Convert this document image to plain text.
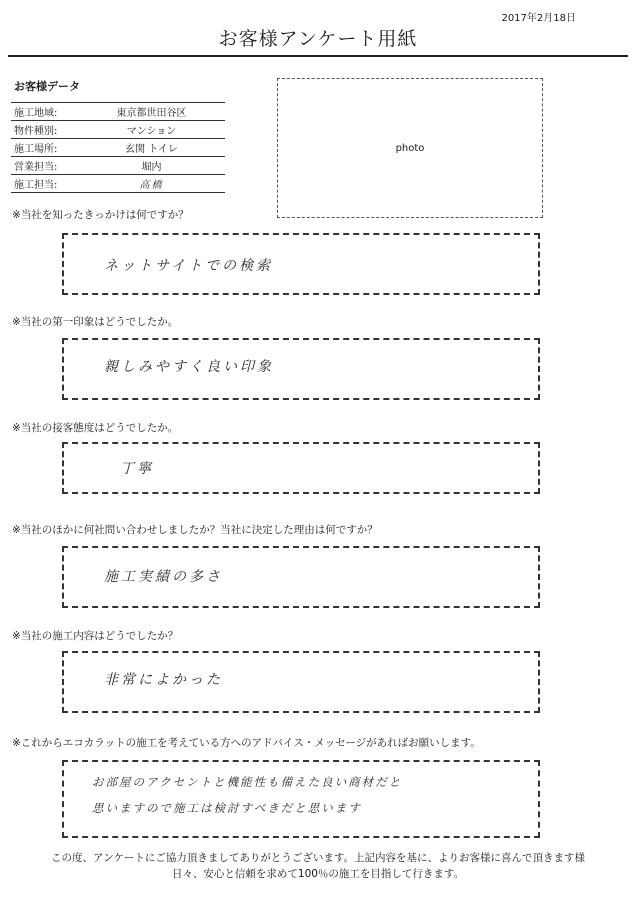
2017年2月18日
お客様アンケート用紙
お客様データ
施工地域:	東京都世田谷区
物件種別:	マンション
施工場所:	玄関 トイレ
営業担当:	堀内
施工担当:	高橋
photo
※当社を知ったきっかけは何ですか？
ネットサイトでの検索
※当社の第一印象はどうでしたか。
親しみやすく良い印象
※当社の接客態度はどうでしたか。
丁寧
※当社のほかに何社問い合わせしましたか？当社に決定した理由は何ですか？
施工実績の多さ
※当社の施工内容はどうでしたか？
非常によかった
※これからエコカラットの施工を考えている方へのアドバイス・メッセージがあればお願いします。
お部屋のアクセントと機能性も備えた良い商材だと
思いますので施工は検討すべきだと思います
この度、アンケートにご協力頂きましてありがとうございます。上記内容を基に、よりお客様に喜んで頂きます様
日々、安心と信頼を求めて100％の施工を目指して行きます。
